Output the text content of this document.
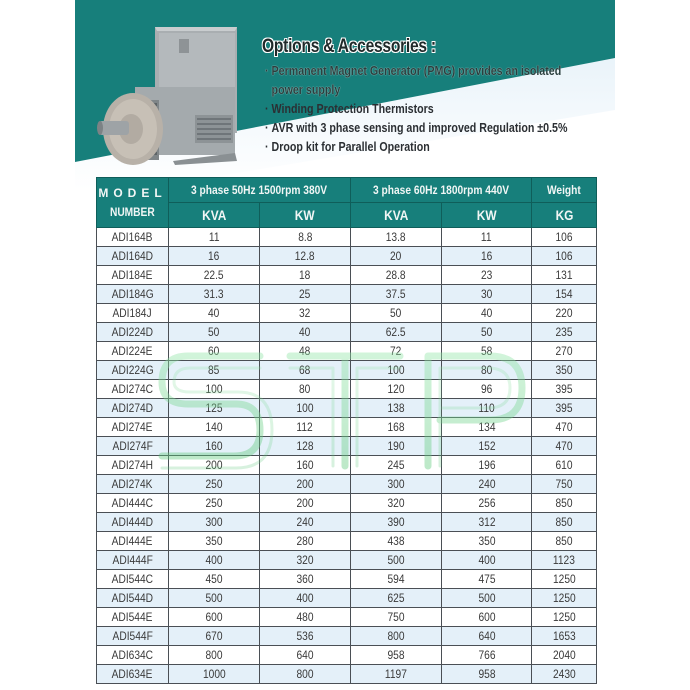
Options & Accessories :
· Permanent Magnet Generator (PMG) provides an isolated
power supply
· Winding Protection Thermistors
· AVR with 3 phase sensing and improved Regulation ±0.5%
· Droop kit for Parallel Operation
MODEL
NUMBER	3 phase 50Hz 1500rpm 380V		3 phase 60Hz 1800rpm 440V		Weight
	KVA	KW	KVA	KW	KG
ADI164B	11	8.8	13.8	11	106
ADI164D	16	12.8	20	16	106
ADI184E	22.5	18	28.8	23	131
ADI184G	31.3	25	37.5	30	154
ADI184J	40	32	50	40	220
ADI224D	50	40	62.5	50	235
ADI224E	60	48	72	58	270
ADI224G	85	68	100	80	350
ADI274C	100	80	120	96	395
ADI274D	125	100	138	110	395
ADI274E	140	112	168	134	470
ADI274F	160	128	190	152	470
ADI274H	200	160	245	196	610
ADI274K	250	200	300	240	750
ADI444C	250	200	320	256	850
ADI444D	300	240	390	312	850
ADI444E	350	280	438	350	850
ADI444F	400	320	500	400	1123
ADI544C	450	360	594	475	1250
ADI544D	500	400	625	500	1250
ADI544E	600	480	750	600	1250
ADI544F	670	536	800	640	1653
ADI634C	800	640	958	766	2040
ADI634E	1000	800	1197	958	2430
